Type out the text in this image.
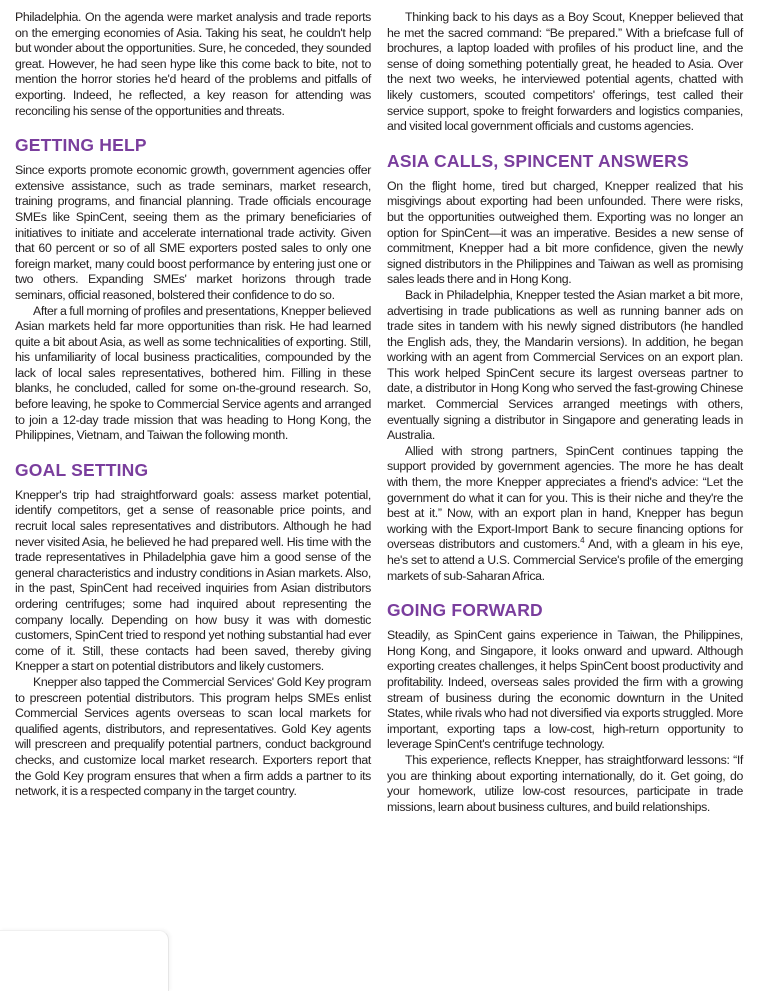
Philadelphia. On the agenda were market analysis and trade reports on the emerging economies of Asia. Taking his seat, he couldn't help but wonder about the opportunities. Sure, he conceded, they sounded great. However, he had seen hype like this come back to bite, not to mention the horror stories he'd heard of the problems and pitfalls of exporting. Indeed, he reflected, a key reason for attending was reconciling his sense of the opportunities and threats.

GETTING HELP

Since exports promote economic growth, government agencies offer extensive assistance, such as trade seminars, market research, training programs, and financial planning. Trade officials encourage SMEs like SpinCent, seeing them as the primary beneficiaries of initiatives to initiate and accelerate international trade activity. Given that 60 percent or so of all SME exporters posted sales to only one foreign market, many could boost performance by entering just one or two others. Expanding SMEs' market horizons through trade seminars, official reasoned, bolstered their confidence to do so.

After a full morning of profiles and presentations, Knepper believed Asian markets held far more opportunities than risk. He had learned quite a bit about Asia, as well as some technicalities of exporting. Still, his unfamiliarity of local business practicalities, compounded by the lack of local sales representatives, bothered him. Filling in these blanks, he concluded, called for some on-the-ground research. So, before leaving, he spoke to Commercial Service agents and arranged to join a 12-day trade mission that was heading to Hong Kong, the Philippines, Vietnam, and Taiwan the following month.

GOAL SETTING

Knepper's trip had straightforward goals: assess market potential, identify competitors, get a sense of reasonable price points, and recruit local sales representatives and distributors. Although he had never visited Asia, he believed he had prepared well. His time with the trade representatives in Philadelphia gave him a good sense of the general characteristics and industry conditions in Asian markets. Also, in the past, SpinCent had received inquiries from Asian distributors ordering centrifuges; some had inquired about representing the company locally. Depending on how busy it was with domestic customers, SpinCent tried to respond yet nothing substantial had ever come of it. Still, these contacts had been saved, thereby giving Knepper a start on potential distributors and likely customers.

Knepper also tapped the Commercial Services' Gold Key program to prescreen potential distributors. This program helps SMEs enlist Commercial Services agents overseas to scan local markets for qualified agents, distributors, and representatives. Gold Key agents will prescreen and prequalify potential partners, conduct background checks, and customize local market research. Exporters report that the Gold Key program ensures that when a firm adds a partner to its network, it is a respected company in the target country.

Thinking back to his days as a Boy Scout, Knepper believed that he met the sacred command: “Be prepared.” With a briefcase full of brochures, a laptop loaded with profiles of his product line, and the sense of doing something potentially great, he headed to Asia. Over the next two weeks, he interviewed potential agents, chatted with likely customers, scouted competitors' offerings, test called their service support, spoke to freight forwarders and logistics companies, and visited local government officials and customs agencies.

ASIA CALLS, SPINCENT ANSWERS

On the flight home, tired but charged, Knepper realized that his misgivings about exporting had been unfounded. There were risks, but the opportunities outweighed them. Exporting was no longer an option for SpinCent—it was an imperative. Besides a new sense of commitment, Knepper had a bit more confidence, given the newly signed distributors in the Philippines and Taiwan as well as promising sales leads there and in Hong Kong.

Back in Philadelphia, Knepper tested the Asian market a bit more, advertising in trade publications as well as running banner ads on trade sites in tandem with his newly signed distributors (he handled the English ads, they, the Mandarin versions). In addition, he began working with an agent from Commercial Services on an export plan. This work helped SpinCent secure its largest overseas partner to date, a distributor in Hong Kong who served the fast-growing Chinese market. Commercial Services arranged meetings with others, eventually signing a distributor in Singapore and generating leads in Australia.

Allied with strong partners, SpinCent continues tapping the support provided by government agencies. The more he has dealt with them, the more Knepper appreciates a friend's advice: “Let the government do what it can for you. This is their niche and they're the best at it.” Now, with an export plan in hand, Knepper has begun working with the Export-Import Bank to secure financing options for overseas distributors and customers.$^4$ And, with a gleam in his eye, he's set to attend a U.S. Commercial Service's profile of the emerging markets of sub-Saharan Africa.

GOING FORWARD

Steadily, as SpinCent gains experience in Taiwan, the Philippines, Hong Kong, and Singapore, it looks onward and upward. Although exporting creates challenges, it helps SpinCent boost productivity and profitability. Indeed, overseas sales provided the firm with a growing stream of business during the economic downturn in the United States, while rivals who had not diversified via exports struggled. More important, exporting taps a low-cost, high-return opportunity to leverage SpinCent's centrifuge technology.

This experience, reflects Knepper, has straightforward lessons: “If you are thinking about exporting internationally, do it. Get going, do your homework, utilize low-cost resources, participate in trade missions, learn about business cultures, and build relationships.
